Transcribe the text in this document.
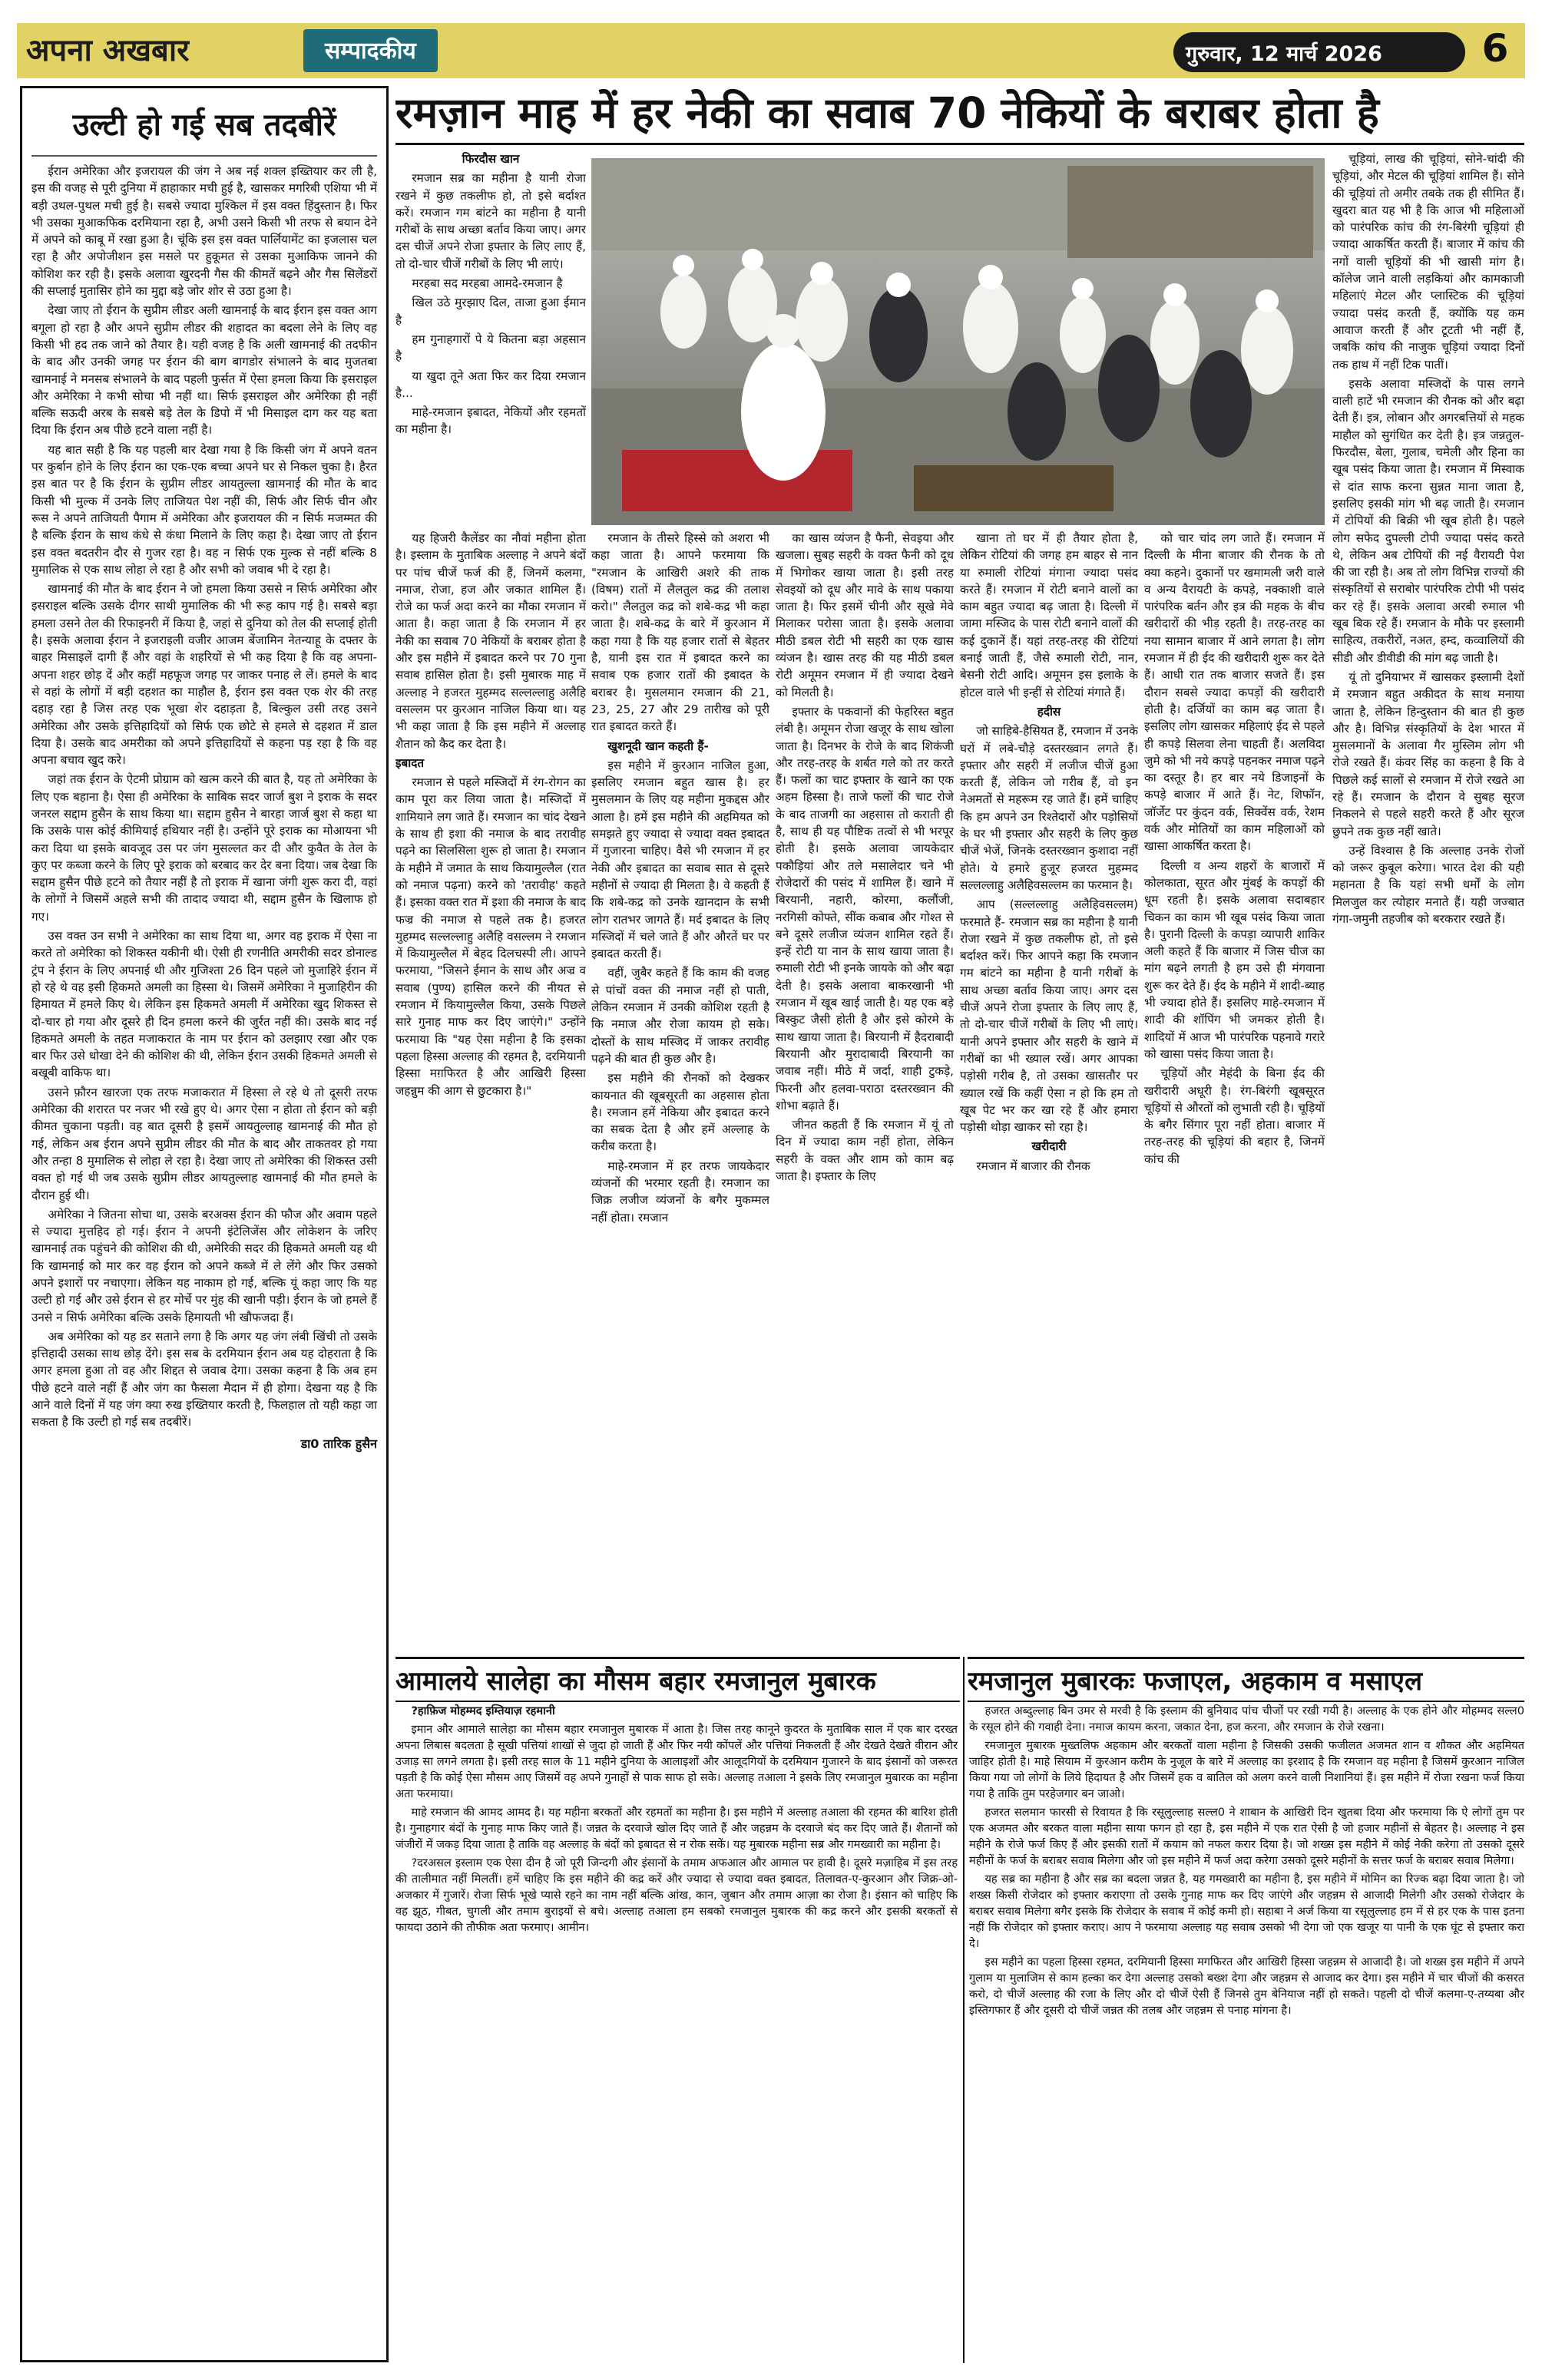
अपना अखबार	सम्पादकीय	गुरुवार, 12 मार्च 2026	6
उल्टी हो गई सब तदबीरें

ईरान अमेरिका और इजरायल की जंग ने अब नई शक्ल इख्तियार कर ली है, इस की वजह से पूरी दुनिया में हाहाकार मची हुई है, खासकर मगरिबी एशिया भी में बड़ी उथल-पुथल मची हुई है। सबसे ज्यादा मुश्किल में इस वक्त हिंदुस्तान है। फिर भी उसका मुआकफिक दरमियाना रहा है, अभी उसने किसी भी तरफ से बयान देने में अपने को काबू में रखा हुआ है। चूंकि इस इस वक्त पार्लियामेंट का इजलास चल रहा है और अपोजीशन इस मसले पर हुकूमत से उसका मुआकिफ जानने की कोशिश कर रही है। इसके अलावा खुरदनी गैस की कीमतें बढ़ने और गैस सिलेंडरों की सप्लाई मुतासिर होने का मुद्दा बड़े जोर शोर से उठा हुआ है।

देखा जाए तो ईरान के सुप्रीम लीडर अली खामनाई के बाद ईरान इस वक्त आग बगूला हो रहा है और अपने सुप्रीम लीडर की शहादत का बदला लेने के लिए वह किसी भी हद तक जाने को तैयार है। यही वजह है कि अली खामनाई की तदफीन के बाद और उनकी जगह पर ईरान की बाग बागडोर संभालने के बाद मुजतबा खामनाई ने मनसब संभालने के बाद पहली फुर्सत में ऐसा हमला किया कि इसराइल और अमेरिका ने कभी सोचा भी नहीं था। सिर्फ इसराइल और अमेरिका ही नहीं बल्कि सऊदी अरब के सबसे बड़े तेल के डिपो में भी मिसाइल दाग कर यह बता दिया कि ईरान अब पीछे हटने वाला नहीं है।

यह बात सही है कि यह पहली बार देखा गया है कि किसी जंग में अपने वतन पर कुर्बान होने के लिए ईरान का एक-एक बच्चा अपने घर से निकल चुका है। हैरत इस बात पर है कि ईरान के सुप्रीम लीडर आयतुल्ला खामनाई की मौत के बाद किसी भी मुल्क में उनके लिए ताजियत पेश नहीं की, सिर्फ और सिर्फ चीन और रूस ने अपने ताजियती पैगाम में अमेरिका और इजरायल की न सिर्फ मजम्मत की है बल्कि ईरान के साथ कंधे से कंधा मिलाने के लिए कहा है। देखा जाए तो ईरान इस वक्त बदतरीन दौर से गुजर रहा है। वह न सिर्फ एक मुल्क से नहीं बल्कि 8 मुमालिक से एक साथ लोहा ले रहा है और सभी को जवाब भी दे रहा है।

खामनाई की मौत के बाद ईरान ने जो हमला किया उससे न सिर्फ अमेरिका और इसराइल बल्कि उसके दीगर साथी मुमालिक की भी रूह काप गई है। सबसे बड़ा हमला उसने तेल की रिफाइनरी में किया है, जहां से दुनिया को तेल की सप्लाई होती है। इसके अलावा ईरान ने इजराइली वजीर आजम बेंजामिन नेतन्याहू के दफ्तर के बाहर मिसाइलें दागी हैं और वहां के शहरियों से भी कह दिया है कि वह अपना-अपना शहर छोड़ दें और कहीं महफूज जगह पर जाकर पनाह ले लें। हमले के बाद से वहां के लोगों में बड़ी दहशत का माहौल है, ईरान इस वक्त एक शेर की तरह दहाड़ रहा है जिस तरह एक भूखा शेर दहाड़ता है, बिल्कुल उसी तरह उसने अमेरिका और उसके इत्तिहादियों को सिर्फ एक छोटे से हमले से दहशत में डाल दिया है। उसके बाद अमरीका को अपने इत्तिहादियों से कहना पड़ रहा है कि वह अपना बचाव खुद करे।

जहां तक ईरान के ऐटमी प्रोग्राम को खत्म करने की बात है, यह तो अमेरिका के लिए एक बहाना है। ऐसा ही अमेरिका के साबिक सदर जार्ज बुश ने इराक के सदर जनरल सद्दाम हुसैन के साथ किया था। सद्दाम हुसैन ने बारहा जार्ज बुश से कहा था कि उसके पास कोई कीमियाई हथियार नहीं है। उन्होंने पूरे इराक का मोआयना भी करा दिया था इसके बावजूद उस पर जंग मुसल्लत कर दी और कुवैत के तेल के कुए पर कब्जा करने के लिए पूरे इराक को बरबाद कर देर बना दिया। जब देखा कि सद्दाम हुसैन पीछे हटने को तैयार नहीं है तो इराक में खाना जंगी शुरू करा दी, वहां के लोगों ने जिसमें अहले सभी की तादाद ज्यादा थी, सद्दाम हुसैन के खिलाफ हो गए।

उस वक्त उन सभी ने अमेरिका का साथ दिया था, अगर वह इराक में ऐसा ना करते तो अमेरिका को शिकस्त यकीनी थी। ऐसी ही रणनीति अमरीकी सदर डोनाल्ड ट्रंप ने ईरान के लिए अपनाई थी और गुजिश्ता 26 दिन पहले जो मुजाहिरे ईरान में हो रहे थे वह इसी हिकमते अमली का हिस्सा थे। जिसमें अमेरिका ने मुजाहिरीन की हिमायत में हमले किए थे। लेकिन इस हिकमते अमली में अमेरिका खुद शिकस्त से दो-चार हो गया और दूसरे ही दिन हमला करने की जुर्रत नहीं की। उसके बाद नई हिकमते अमली के तहत मजाकरात के नाम पर ईरान को उलझाए रखा और एक बार फिर उसे धोखा देने की कोशिश की थी, लेकिन ईरान उसकी हिकमते अमली से बखूबी वाकिफ था।

उसने फ़ौरन खारजा एक तरफ मजाकरात में हिस्सा ले रहे थे तो दूसरी तरफ अमेरिका की शरारत पर नजर भी रखे हुए थे। अगर ऐसा न होता तो ईरान को बड़ी कीमत चुकाना पड़ती। वह बात दूसरी है इसमें आयतुल्लाह खामनाई की मौत हो गई, लेकिन अब ईरान अपने सुप्रीम लीडर की मौत के बाद और ताकतवर हो गया और तन्हा 8 मुमालिक से लोहा ले रहा है। देखा जाए तो अमेरिका की शिकस्त उसी वक्त हो गई थी जब उसके सुप्रीम लीडर आयतुल्लाह खामनाई की मौत हमले के दौरान हुई थी।

अमेरिका ने जितना सोचा था, उसके बरअक्स ईरान की फौज और अवाम पहले से ज्यादा मुत्तहिद हो गई। ईरान ने अपनी इंटेलिजेंस और लोकेशन के जरिए खामनाई तक पहुंचने की कोशिश की थी, अमेरिकी सदर की हिकमते अमली यह थी कि खामनाई को मार कर वह ईरान को अपने कब्जे में ले लेंगे और फिर उसको अपने इशारों पर नचाएगा। लेकिन यह नाकाम हो गई, बल्कि यूं कहा जाए कि यह उल्टी हो गई और उसे ईरान से हर मोर्चे पर मुंह की खानी पड़ी। ईरान के जो हमले हैं उनसे न सिर्फ अमेरिका बल्कि उसके हिमायती भी खौफजदा हैं।

अब अमेरिका को यह डर सताने लगा है कि अगर यह जंग लंबी खिंची तो उसके इत्तिहादी उसका साथ छोड़ देंगे। इस सब के दरमियान ईरान अब यह दोहराता है कि अगर हमला हुआ तो वह और शिद्दत से जवाब देगा। उसका कहना है कि अब हम पीछे हटने वाले नहीं हैं और जंग का फैसला मैदान में ही होगा। देखना यह है कि आने वाले दिनों में यह जंग क्या रुख इख्तियार करती है, फिलहाल तो यही कहा जा सकता है कि उल्टी हो गई सब तदबीरें।

डा0 तारिक हुसैन
रमज़ान माह में हर नेकी का सवाब 70 नेकियों के बराबर होता है

फिरदौस खान

रमजान सब्र का महीना है यानी रोजा रखने में कुछ तकलीफ हो, तो इसे बर्दाश्त करें। रमजान गम बांटने का महीना है यानी गरीबों के साथ अच्छा बर्ताव किया जाए। अगर दस चीजें अपने रोजा इफ्तार के लिए लाए हैं, तो दो-चार चीजें गरीबों के लिए भी लाएं।

मरहबा सद मरहबा आमदे-रमजान है

खिल उठे मुरझाए दिल, ताजा हुआ ईमान है

हम गुनाहगारों पे ये कितना बड़ा अहसान है

या खुदा तूने अता फिर कर दिया रमजान है...

माहे-रमजान इबादत, नेकियों और रहमतों का महीना है।

यह हिजरी कैलेंडर का नौवां महीना होता है। इस्लाम के मुताबिक अल्लाह ने अपने बंदों पर पांच चीजें फर्ज की हैं, जिनमें कलमा, नमाज, रोजा, हज और जकात शामिल हैं। रोजे का फर्ज अदा करने का मौका रमजान में आता है। कहा जाता है कि रमजान में हर नेकी का सवाब 70 नेकियों के बराबर होता है और इस महीने में इबादत करने पर 70 गुना सवाब हासिल होता है। इसी मुबारक माह में अल्लाह ने हजरत मुहम्मद सल्लल्लाहु अलैहि वसल्लम पर कुरआन नाजिल किया था। यह भी कहा जाता है कि इस महीने में अल्लाह शैतान को कैद कर देता है।

इबादत

रमजान से पहले मस्जिदों में रंग-रोगन का काम पूरा कर लिया जाता है। मस्जिदों में शामियाने लग जाते हैं। रमजान का चांद देखने के साथ ही इशा की नमाज के बाद तरावीह पढ़ने का सिलसिला शुरू हो जाता है। रमजान के महीने में जमात के साथ कियामुल्लैल (रात को नमाज पढ़ना) करने को 'तरावीह' कहते हैं। इसका वक्त रात में इशा की नमाज के बाद फज्र की नमाज से पहले तक है। हजरत मुहम्मद सल्लल्लाहु अलैहि वसल्लम ने रमजान में कियामुल्लैल में बेहद दिलचस्पी ली। आपने फरमाया, "जिसने ईमान के साथ और अज्र व सवाब (पुण्य) हासिल करने की नीयत से रमजान में कियामुल्लैल किया, उसके पिछले सारे गुनाह माफ कर दिए जाएंगे।" उन्होंने फरमाया कि "यह ऐसा महीना है कि इसका पहला हिस्सा अल्लाह की रहमत है, दरमियानी हिस्सा मग़फिरत है और आखिरी हिस्सा जहन्नुम की आग से छुटकारा है।"

रमजान के तीसरे हिस्से को अशरा भी कहा जाता है। आपने फरमाया कि "रमजान के आखिरी अशरे की ताक (विषम) रातों में लैलतुल कद्र की तलाश करो।" लैलतुल कद्र को शबे-कद्र भी कहा जाता है। शबे-कद्र के बारे में कुरआन में कहा गया है कि यह हजार रातों से बेहतर है, यानी इस रात में इबादत करने का सवाब एक हजार रातों की इबादत के बराबर है। मुसलमान रमजान की 21, 23, 25, 27 और 29 तारीख को पूरी रात इबादत करते हैं।

खुशनूदी खान कहती हैं-

इस महीने में कुरआन नाजिल हुआ, इसलिए रमजान बहुत खास है। हर मुसलमान के लिए यह महीना मुकद्दस और आला है। हमें इस महीने की अहमियत को समझते हुए ज्यादा से ज्यादा वक्त इबादत में गुजारना चाहिए। वैसे भी रमजान में हर नेकी और इबादत का सवाब सात से दूसरे महीनों से ज्यादा ही मिलता है। वे कहती हैं कि शबे-कद्र को उनके खानदान के सभी लोग रातभर जागते हैं। मर्द इबादत के लिए मस्जिदों में चले जाते हैं और औरतें घर पर इबादत करती हैं।

वहीं, जुबैर कहते हैं कि काम की वजह से पांचों वक्त की नमाज नहीं हो पाती, लेकिन रमजान में उनकी कोशिश रहती है कि नमाज और रोजा कायम हो सके। दोस्तों के साथ मस्जिद में जाकर तरावीह पढ़ने की बात ही कुछ और है।

इस महीने की रौनकों को देखकर कायनात की खूबसूरती का अहसास होता है। रमजान हमें नेकिया और इबादत करने का सबक देता है और हमें अल्लाह के करीब करता है।

माहे-रमजान में हर तरफ जायकेदार व्यंजनों की भरमार रहती है। रमजान का जिक्र लजीज व्यंजनों के बगैर मुकम्मल नहीं होता। रमजान

का खास व्यंजन है फैनी, सेवइया और खजला। सुबह सहरी के वक्त फैनी को दूध में भिगोकर खाया जाता है। इसी तरह सेवइयों को दूध और मावे के साथ पकाया जाता है। फिर इसमें चीनी और सूखे मेवे मिलाकर परोसा जाता है। इसके अलावा मीठी डबल रोटी भी सहरी का एक खास व्यंजन है। खास तरह की यह मीठी डबल रोटी अमूमन रमजान में ही ज्यादा देखने को मिलती है।

इफ्तार के पकवानों की फेहरिस्त बहुत लंबी है। अमूमन रोजा खजूर के साथ खोला जाता है। दिनभर के रोजे के बाद शिकंजी और तरह-तरह के शर्बत गले को तर करते हैं। फलों का चाट इफ्तार के खाने का एक अहम हिस्सा है। ताजे फलों की चाट रोजे के बाद ताजगी का अहसास तो कराती ही है, साथ ही यह पौष्टिक तत्वों से भी भरपूर होती है। इसके अलावा जायकेदार पकौड़ियां और तले मसालेदार चने भी रोजेदारों की पसंद में शामिल हैं। खाने में बिरयानी, नहारी, कोरमा, कलौंजी, नरगिसी कोफ्ते, सींक कबाब और गोश्त से बने दूसरे लजीज व्यंजन शामिल रहते हैं। इन्हें रोटी या नान के साथ खाया जाता है। रुमाली रोटी भी इनके जायके को और बढ़ा देती है। इसके अलावा बाकरखानी भी रमजान में खूब खाई जाती है। यह एक बड़े बिस्कुट जैसी होती है और इसे कोरमे के साथ खाया जाता है। बिरयानी में हैदराबादी बिरयानी और मुरादाबादी बिरयानी का जवाब नहीं। मीठे में जर्दा, शाही टुकड़े, फिरनी और हलवा-पराठा दस्तरख्वान की शोभा बढ़ाते हैं।

जीनत कहती हैं कि रमजान में यूं तो दिन में ज्यादा काम नहीं होता, लेकिन सहरी के वक्त और शाम को काम बढ़ जाता है। इफ्तार के लिए

खाना तो घर में ही तैयार होता है, लेकिन रोटियां की जगह हम बाहर से नान या रुमाली रोटियां मंगाना ज्यादा पसंद करते हैं। रमजान में रोटी बनाने वालों का काम बहुत ज्यादा बढ़ जाता है। दिल्ली में जामा मस्जिद के पास रोटी बनाने वालों की कई दुकानें हैं। यहां तरह-तरह की रोटियां बनाई जाती हैं, जैसे रुमाली रोटी, नान, बेसनी रोटी आदि। अमूमन इस इलाके के होटल वाले भी इन्हीं से रोटियां मंगाते हैं।

हदीस

जो साहिबे-हैसियत हैं, रमजान में उनके घरों में लबे-चौड़े दस्तरख्वान लगते हैं। इफ्तार और सहरी में लजीज चीजें हुआ करती हैं, लेकिन जो गरीब हैं, वो इन नेअमतों से महरूम रह जाते हैं। हमें चाहिए कि हम अपने उन रिश्तेदारों और पड़ोसियों के घर भी इफ्तार और सहरी के लिए कुछ चीजें भेजें, जिनके दस्तरख्वान कुशादा नहीं होते। ये हमारे हुजूर हजरत मुहम्मद सल्लल्लाहु अलैहिवसल्लम का फरमान है।

आप (सल्लल्लाहु अलैहिवसल्लम) फरमाते हैं- रमजान सब्र का महीना है यानी रोजा रखने में कुछ तकलीफ हो, तो इसे बर्दाश्त करें। फिर आपने कहा कि रमजान गम बांटने का महीना है यानी गरीबों के साथ अच्छा बर्ताव किया जाए। अगर दस चीजें अपने रोजा इफ्तार के लिए लाए हैं, तो दो-चार चीजें गरीबों के लिए भी लाएं। यानी अपने इफ्तार और सहरी के खाने में गरीबों का भी ख्याल रखें। अगर आपका पड़ोसी गरीब है, तो उसका खासतौर पर ख्याल रखें कि कहीं ऐसा न हो कि हम तो खूब पेट भर कर खा रहे हैं और हमारा पड़ोसी थोड़ा खाकर सो रहा है।

खरीदारी

रमजान में बाजार की रौनक

को चार चांद लग जाते हैं। रमजान में दिल्ली के मीना बाजार की रौनक के तो क्या कहने। दुकानों पर खमामली जरी वाले व अन्य वैरायटी के कपड़े, नक्काशी वाले पारंपरिक बर्तन और इत्र की महक के बीच खरीदारों की भीड़ रहती है। तरह-तरह का नया सामान बाजार में आने लगता है। लोग रमजान में ही ईद की खरीदारी शुरू कर देते हैं। आधी रात तक बाजार सजते हैं। इस दौरान सबसे ज्यादा कपड़ों की खरीदारी होती है। दर्जियों का काम बढ़ जाता है। इसलिए लोग खासकर महिलाएं ईद से पहले ही कपड़े सिलवा लेना चाहती हैं। अलविदा जुमे को भी नये कपड़े पहनकर नमाज पढ़ने का दस्तूर है। हर बार नये डिजाइनों के कपड़े बाजार में आते हैं। नेट, शिफॉन, जॉर्जेट पर कुंदन वर्क, सिक्वेंस वर्क, रेशम वर्क और मोतियों का काम महिलाओं को खासा आकर्षित करता है।

दिल्ली व अन्य शहरों के बाजारों में कोलकाता, सूरत और मुंबई के कपड़ों की धूम रहती है। इसके अलावा सदाबहार चिकन का काम भी खूब पसंद किया जाता है। पुरानी दिल्ली के कपड़ा व्यापारी शाकिर अली कहते हैं कि बाजार में जिस चीज का मांग बढ़ने लगती है हम उसे ही मंगवाना शुरू कर देते हैं। ईद के महीने में शादी-ब्याह भी ज्यादा होते हैं। इसलिए माहे-रमजान में शादी की शॉपिंग भी जमकर होती है। शादियों में आज भी पारंपरिक पहनावे गरारे को खासा पसंद किया जाता है।

चूड़ियों और मेहंदी के बिना ईद की खरीदारी अधूरी है। रंग-बिरंगी खूबसूरत चूड़ियों से औरतों को लुभाती रही है। चूड़ियों के बगैर सिंगार पूरा नहीं होता। बाजार में तरह-तरह की चूड़ियां की बहार है, जिनमें कांच की

चूड़ियां, लाख की चूड़ियां, सोने-चांदी की चूड़ियां, और मेटल की चूड़ियां शामिल हैं। सोने की चूड़ियां तो अमीर तबके तक ही सीमित हैं। खुदरा बात यह भी है कि आज भी महिलाओं को पारंपरिक कांच की रंग-बिरंगी चूड़ियां ही ज्यादा आकर्षित करती हैं। बाजार में कांच की नगों वाली चूड़ियों की भी खासी मांग है। कॉलेज जाने वाली लड़कियां और कामकाजी महिलाएं मेटल और प्लास्टिक की चूड़ियां ज्यादा पसंद करती हैं, क्योंकि यह कम आवाज करती हैं और टूटती भी नहीं हैं, जबकि कांच की नाजुक चूड़ियां ज्यादा दिनों तक हाथ में नहीं टिक पातीं।

इसके अलावा मस्जिदों के पास लगने वाली हाटें भी रमजान की रौनक को और बढ़ा देती हैं। इत्र, लोबान और अगरबत्तियों से महक माहौल को सुगंधित कर देती है। इत्र जन्नतुल-फिरदौस, बेला, गुलाब, चमेली और हिना का खूब पसंद किया जाता है। रमजान में मिस्वाक से दांत साफ करना सुन्नत माना जाता है, इसलिए इसकी मांग भी बढ़ जाती है। रमजान में टोपियों की बिक्री भी खूब होती है। पहले लोग सफेद दुपल्ली टोपी ज्यादा पसंद करते थे, लेकिन अब टोपियों की नई वैरायटी पेश की जा रही है। अब तो लोग विभिन्न राज्यों की संस्कृतियों से सराबोर पारंपरिक टोपी भी पसंद कर रहे हैं। इसके अलावा अरबी रुमाल भी खूब बिक रहे हैं। रमजान के मौके पर इस्लामी साहित्य, तकरीरों, नअत, हम्द, कव्वालियों की सीडी और डीवीडी की मांग बढ़ जाती है।

यूं तो दुनियाभर में खासकर इस्लामी देशों में रमजान बहुत अकीदत के साथ मनाया जाता है, लेकिन हिन्दुस्तान की बात ही कुछ और है। विभिन्न संस्कृतियों के देश भारत में मुसलमानों के अलावा गैर मुस्लिम लोग भी रोजे रखते हैं। कंवर सिंह का कहना है कि वे पिछले कई सालों से रमजान में रोजे रखते आ रहे हैं। रमजान के दौरान वे सुबह सूरज निकलने से पहले सहरी करते हैं और सूरज छुपने तक कुछ नहीं खाते।

उन्हें विश्वास है कि अल्लाह उनके रोजों को जरूर कुबूल करेगा। भारत देश की यही महानता है कि यहां सभी धर्मों के लोग मिलजुल कर त्योहार मनाते हैं। यही जज्बात गंगा-जमुनी तहजीब को बरकरार रखते हैं।

आमालये सालेहा का मौसम बहार रमजानुल मुबारक	रमजानुल मुबारकः फजाएल, अहकाम व मसाएल

?हाफ़िज मोहम्मद इम्तियाज़ रहमानी

इमान और आमाले सालेहा का मौसम बहार रमजानुल मुबारक में आता है। जिस तरह कानूने कुदरत के मुताबिक साल में एक बार दरख्त अपना लिबास बदलता है सूखी पत्तियां शाखों से जुदा हो जाती हैं और फिर नयी कोंपलें और पत्तियां निकलती हैं और देखते देखते वीरान और उजाड़ सा लगने लगता है। इसी तरह साल के 11 महीने दुनिया के आलाइशों और आलूदगियों के दरमियान गुजारने के बाद इंसानों को जरूरत पड़ती है कि कोई ऐसा मौसम आए जिसमें वह अपने गुनाहों से पाक साफ हो सके। अल्लाह तआला ने इसके लिए रमजानुल मुबारक का महीना अता फरमाया।

माहे रमजान की आमद आमद है। यह महीना बरकतों और रहमतों का महीना है। इस महीने में अल्लाह तआला की रहमत की बारिश होती है। गुनाहगार बंदों के गुनाह माफ किए जाते हैं। जन्नत के दरवाजे खोल दिए जाते हैं और जहन्नम के दरवाजे बंद कर दिए जाते हैं। शैतानों को जंजीरों में जकड़ दिया जाता है ताकि वह अल्लाह के बंदों को इबादत से न रोक सकें। यह मुबारक महीना सब्र और गमख्वारी का महीना है।

?दरअसल इस्लाम एक ऐसा दीन है जो पूरी जिन्दगी और इंसानों के तमाम अफआल और आमाल पर हावी है। दूसरे मज़ाहिब में इस तरह की तालीमात नहीं मिलतीं। हमें चाहिए कि इस महीने की कद्र करें और ज्यादा से ज्यादा वक्त इबादत, तिलावत-ए-कुरआन और जिक्र-ओ-अजकार में गुजारें। रोजा सिर्फ भूखे प्यासे रहने का नाम नहीं बल्कि आंख, कान, जुबान और तमाम आज़ा का रोजा है। इंसान को चाहिए कि वह झूठ, गीबत, चुगली और तमाम बुराइयों से बचे। अल्लाह तआला हम सबको रमजानुल मुबारक की कद्र करने और इसकी बरकतों से फायदा उठाने की तौफीक अता फरमाए। आमीन।

हजरत अब्दुल्लाह बिन उमर से मरवी है कि इस्लाम की बुनियाद पांच चीजों पर रखी गयी है। अल्लाह के एक होने और मोहम्मद सल्ल0 के रसूल होने की गवाही देना। नमाज कायम करना, जकात देना, हज करना, और रमजान के रोजे रखना।

रमजानुल मुबारक मुख्तलिफ अहकाम और बरकतों वाला महीना है जिसकी उसकी फजीलत अजमत शान व शौकत और अहमियत जाहिर होती है। माहे सियाम में कुरआन करीम के नुजूल के बारे में अल्लाह का इरशाद है कि रमजान वह महीना है जिसमें कुरआन नाजिल किया गया जो लोगों के लिये हिदायत है और जिसमें हक व बातिल को अलग करने वाली निशानियां हैं। इस महीने में रोजा रखना फर्ज किया गया है ताकि तुम परहेजगार बन जाओ।

हजरत सलमान फारसी से रिवायत है कि रसूलुल्लाह सल्ल0 ने शाबान के आखिरी दिन खुतबा दिया और फरमाया कि ऐ लोगों तुम पर एक अजमत और बरकत वाला महीना साया फगन हो रहा है, इस महीने में एक रात ऐसी है जो हजार महीनों से बेहतर है। अल्लाह ने इस महीने के रोजे फर्ज किए हैं और इसकी रातों में कयाम को नफल करार दिया है। जो शख्स इस महीने में कोई नेकी करेगा तो उसको दूसरे महीनों के फर्ज के बराबर सवाब मिलेगा और जो इस महीने में फर्ज अदा करेगा उसको दूसरे महीनों के सत्तर फर्ज के बराबर सवाब मिलेगा।

यह सब्र का महीना है और सब्र का बदला जन्नत है, यह गमख्वारी का महीना है, इस महीने में मोमिन का रिज्क बढ़ा दिया जाता है। जो शख्स किसी रोजेदार को इफ्तार कराएगा तो उसके गुनाह माफ कर दिए जाएंगे और जहन्नम से आजादी मिलेगी और उसको रोजेदार के बराबर सवाब मिलेगा बगैर इसके कि रोजेदार के सवाब में कोई कमी हो। सहाबा ने अर्ज किया या रसूलुल्लाह हम में से हर एक के पास इतना नहीं कि रोजेदार को इफ्तार कराए। आप ने फरमाया अल्लाह यह सवाब उसको भी देगा जो एक खजूर या पानी के एक घूंट से इफ्तार करा दे।

इस महीने का पहला हिस्सा रहमत, दरमियानी हिस्सा मगफिरत और आखिरी हिस्सा जहन्नम से आजादी है। जो शख्स इस महीने में अपने गुलाम या मुलाजिम से काम हल्का कर देगा अल्लाह उसको बख्श देगा और जहन्नम से आजाद कर देगा। इस महीने में चार चीजों की कसरत करो, दो चीजें अल्लाह की रजा के लिए और दो चीजें ऐसी हैं जिनसे तुम बेनियाज नहीं हो सकते। पहली दो चीजें कलमा-ए-तय्यबा और इस्तिगफार हैं और दूसरी दो चीजें जन्नत की तलब और जहन्नम से पनाह मांगना है।
